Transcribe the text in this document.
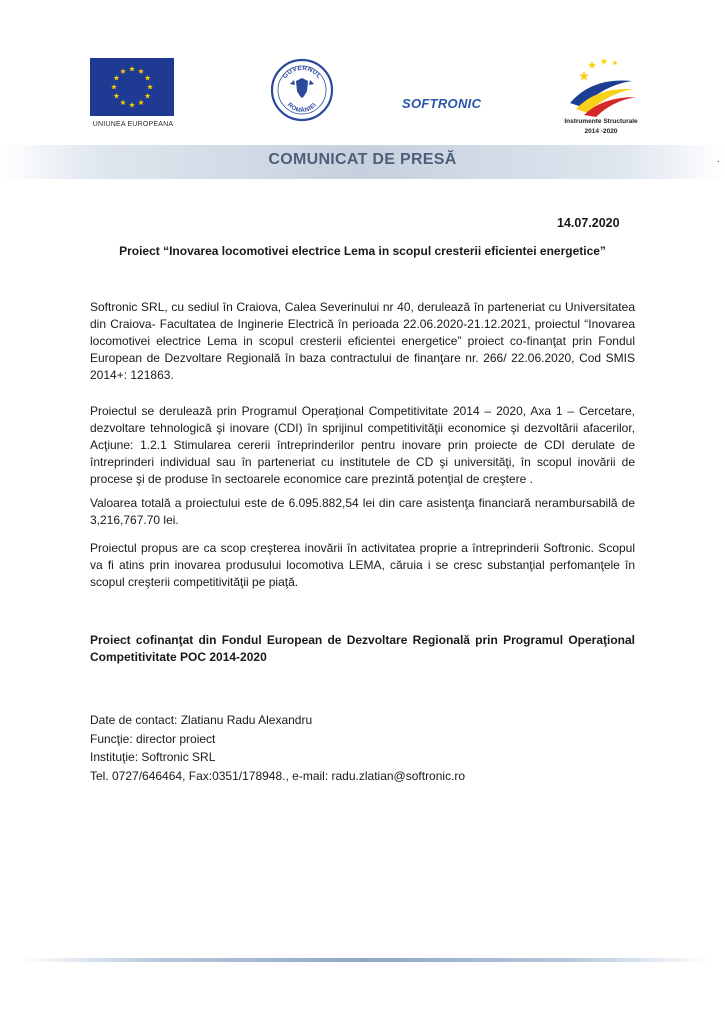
UNIUNEA EUROPEANA
GUVERNUL
ROMÂNIEI	SOFTRONIC
Instrumente Structurale
2014 -2020
COMUNICAT DE PRESĂ	.
14.07.2020
Proiect “Inovarea locomotivei electrice Lema in scopul cresterii eficientei energetice”

Softronic SRL, cu sediul în Craiova, Calea Severinului nr 40, derulează în parteneriat cu Universitatea din Craiova- Facultatea de Inginerie Electrică în perioada 22.06.2020-21.12.2021, proiectul “Inovarea locomotivei electrice Lema in scopul cresterii eficientei energetice” proiect co-finanţat prin Fondul European de Dezvoltare Regională în baza contractului de finanţare nr. 266/ 22.06.2020, Cod SMIS 2014+: 121863.

Proiectul se derulează prin Programul Operaţional Competitivitate 2014 – 2020, Axa 1 – Cercetare, dezvoltare tehnologică şi inovare (CDI) în sprijinul competitivităţii economice şi dezvoltării afacerilor, Acţiune: 1.2.1 Stimularea cererii întreprinderilor pentru inovare prin proiecte de CDI derulate de întreprinderi individual sau în parteneriat cu institutele de CD şi universităţi, în scopul inovării de procese şi de produse în sectoarele economice care prezintă potenţial de creştere .

Valoarea totală a proiectului este de 6.095.882,54 lei din care asistenţa financiară nerambursabilă de 3,216,767.70 lei.

Proiectul propus are ca scop creşterea inovării în activitatea proprie a întreprinderii Softronic. Scopul va fi atins prin inovarea produsului locomotiva LEMA, căruia i se cresc substanţial perfomanţele în scopul creşterii competitivităţii pe piaţă.

Proiect cofinanţat din Fondul European de Dezvoltare Regională prin Programul Operaţional Competitivitate POC 2014-2020

Date de contact: Zlatianu Radu Alexandru
Funcţie: director proiect
Instituţie: Softronic SRL
Tel. 0727/646464, Fax:0351/178948., e-mail: radu.zlatian@softronic.ro
